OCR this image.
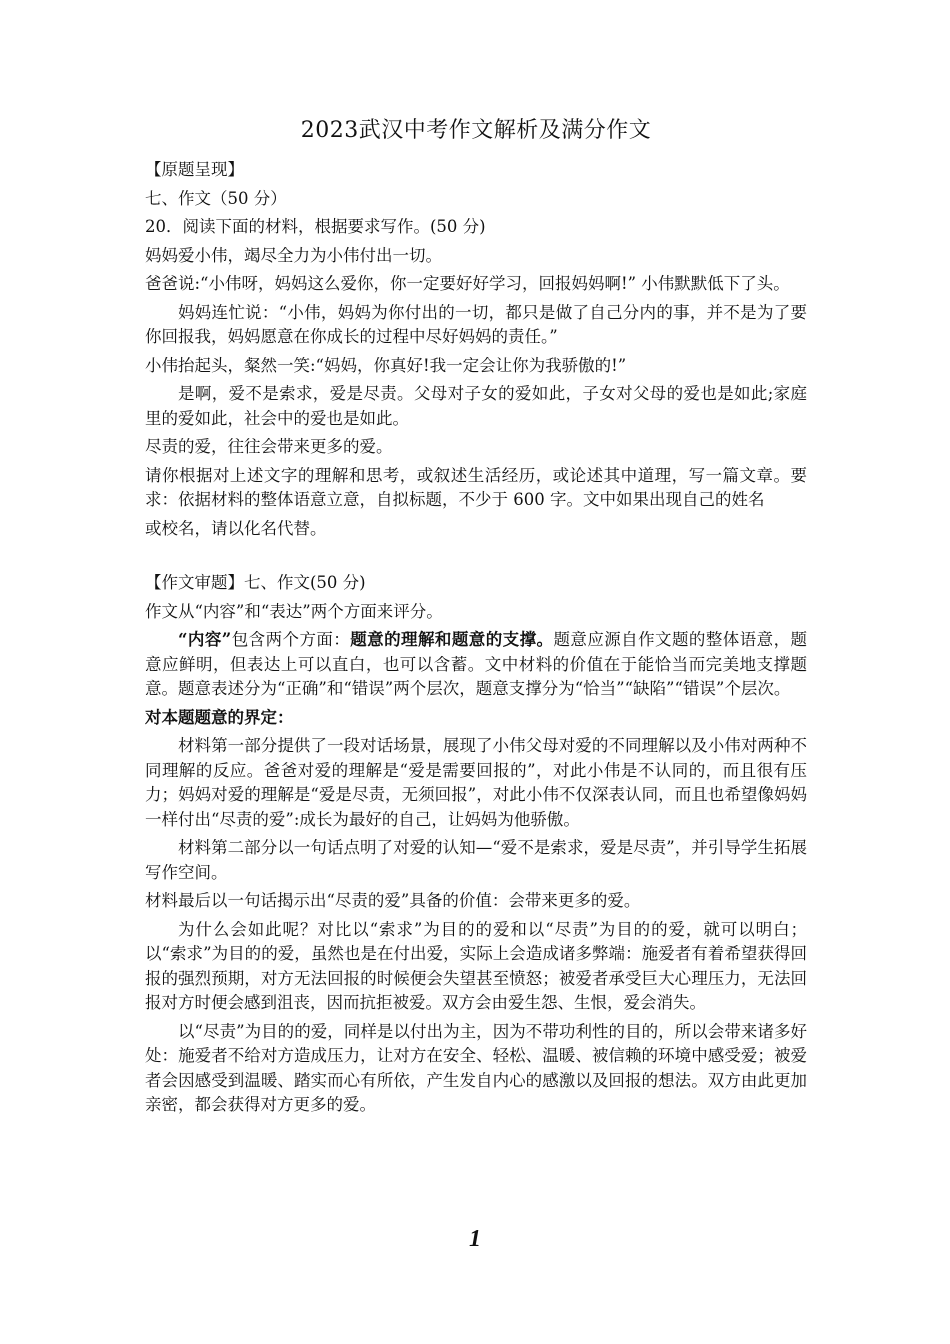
2023武汉中考作文解析及满分作文

【原题呈现】

七、作文（50 分）

20．阅读下面的材料，根据要求写作。(50 分)

妈妈爱小伟，竭尽全力为小伟付出一切。

爸爸说:“小伟呀，妈妈这么爱你，你一定要好好学习，回报妈妈啊!” 小伟默默低下了头。

妈妈连忙说：“小伟，妈妈为你付出的一切，都只是做了自己分内的事，并不是为了要你回报我，妈妈愿意在你成长的过程中尽好妈妈的责任。”

小伟抬起头，粲然一笑:“妈妈，你真好!我一定会让你为我骄傲的!”

是啊，爱不是索求，爱是尽责。父母对子女的爱如此，子女对父母的爱也是如此;家庭里的爱如此，社会中的爱也是如此。

尽责的爱，往往会带来更多的爱。

请你根据对上述文字的理解和思考，或叙述生活经历，或论述其中道理，写一篇文章。要求：依据材料的整体语意立意，自拟标题，不少于 600 字。文中如果出现自己的姓名

或校名，请以化名代替。

【作文审题】七、作文(50 分)

作文从“内容”和“表达”两个方面来评分。

“内容”包含两个方面：题意的理解和题意的支撑。题意应源自作文题的整体语意，题意应鲜明，但表达上可以直白，也可以含蓄。文中材料的价值在于能恰当而完美地支撑题意。题意表述分为“正确”和“错误”两个层次，题意支撑分为“恰当”“缺陷”“错误”个层次。

对本题题意的界定：

材料第一部分提供了一段对话场景，展现了小伟父母对爱的不同理解以及小伟对两种不同理解的反应。爸爸对爱的理解是“爱是需要回报的”，对此小伟是不认同的，而且很有压力；妈妈对爱的理解是“爱是尽责，无须回报”，对此小伟不仅深表认同，而且也希望像妈妈一样付出“尽责的爱”:成长为最好的自己，让妈妈为他骄傲。

材料第二部分以一句话点明了对爱的认知—“爱不是索求，爱是尽责”，并引导学生拓展写作空间。

材料最后以一句话揭示出“尽责的爱”具备的价值：会带来更多的爱。

为什么会如此呢？对比以“索求”为目的的爱和以“尽责”为目的的爱，就可以明白； 以“索求”为目的的爱，虽然也是在付出爱，实际上会造成诸多弊端：施爱者有着希望获得回报的强烈预期，对方无法回报的时候便会失望甚至愤怒；被爱者承受巨大心理压力，无法回报对方时便会感到沮丧，因而抗拒被爱。双方会由爱生怨、生恨，爱会消失。

以“尽责”为目的的爱，同样是以付出为主，因为不带功利性的目的，所以会带来诸多好处：施爱者不给对方造成压力，让对方在安全、轻松、温暖、被信赖的环境中感受爱；被爱者会因感受到温暖、踏实而心有所依，产生发自内心的感激以及回报的想法。双方由此更加亲密，都会获得对方更多的爱。

1
